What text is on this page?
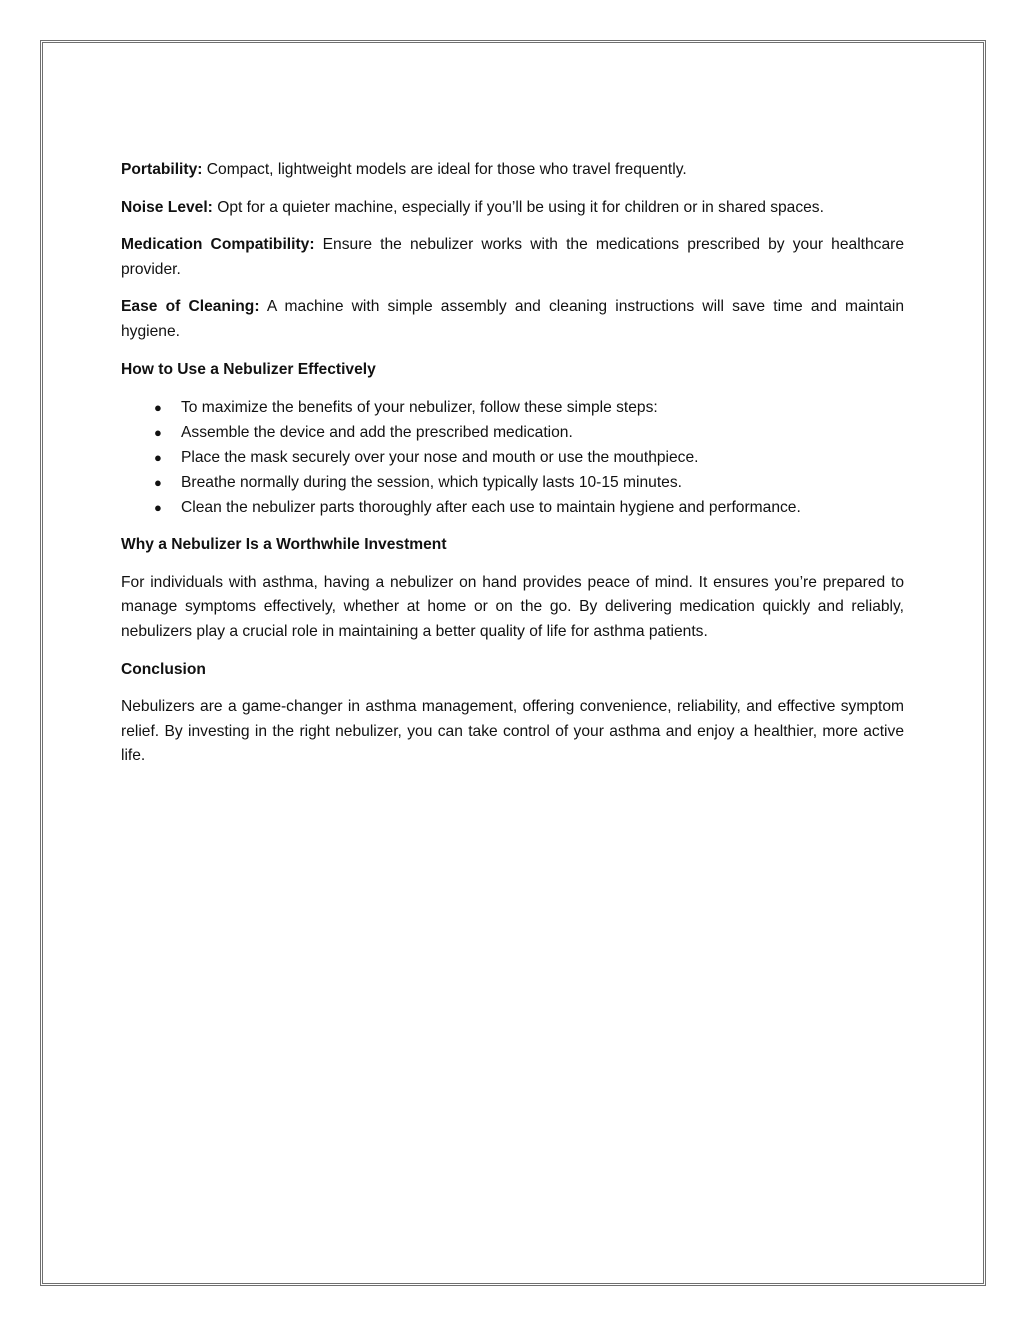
Portability: Compact, lightweight models are ideal for those who travel frequently.

Noise Level: Opt for a quieter machine, especially if you’ll be using it for children or in shared spaces.

Medication Compatibility: Ensure the nebulizer works with the medications prescribed by your healthcare provider.

Ease of Cleaning: A machine with simple assembly and cleaning instructions will save time and maintain hygiene.

How to Use a Nebulizer Effectively

● To maximize the benefits of your nebulizer, follow these simple steps:
● Assemble the device and add the prescribed medication.
● Place the mask securely over your nose and mouth or use the mouthpiece.
● Breathe normally during the session, which typically lasts 10-15 minutes.
● Clean the nebulizer parts thoroughly after each use to maintain hygiene and performance.

Why a Nebulizer Is a Worthwhile Investment

For individuals with asthma, having a nebulizer on hand provides peace of mind. It ensures you’re prepared to manage symptoms effectively, whether at home or on the go. By delivering medication quickly and reliably, nebulizers play a crucial role in maintaining a better quality of life for asthma patients.

Conclusion

Nebulizers are a game-changer in asthma management, offering convenience, reliability, and effective symptom relief. By investing in the right nebulizer, you can take control of your asthma and enjoy a healthier, more active life.
